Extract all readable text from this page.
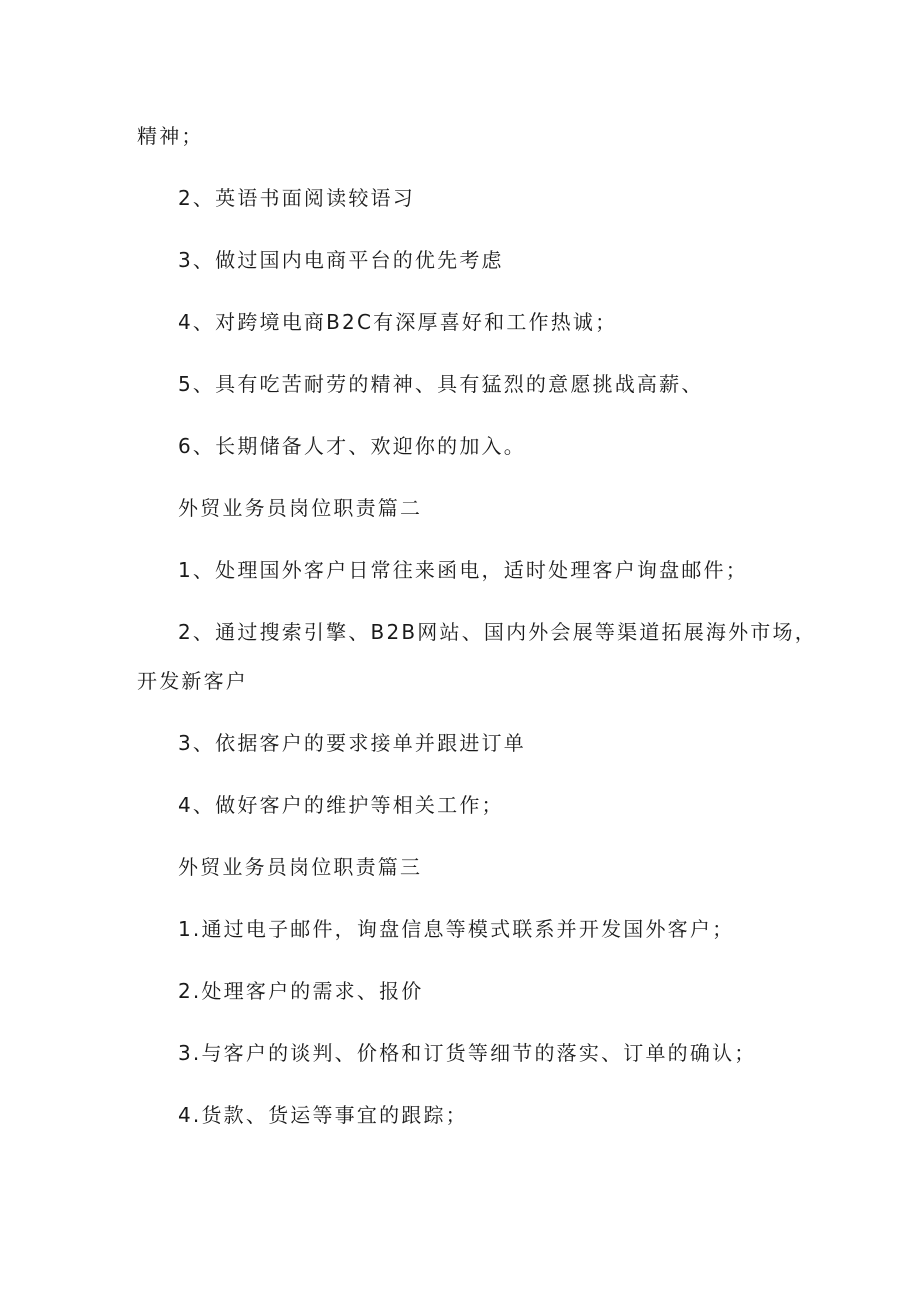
精神；
2、英语书面阅读较语习
3、做过国内电商平台的优先考虑
4、对跨境电商B2C有深厚喜好和工作热诚；
5、具有吃苦耐劳的精神、具有猛烈的意愿挑战高薪、
6、长期储备人才、欢迎你的加入。
外贸业务员岗位职责篇二
1、处理国外客户日常往来函电，适时处理客户询盘邮件；
2、通过搜索引擎、B2B网站、国内外会展等渠道拓展海外市场，
开发新客户
3、依据客户的要求接单并跟进订单
4、做好客户的维护等相关工作；
外贸业务员岗位职责篇三
1.通过电子邮件，询盘信息等模式联系并开发国外客户；
2.处理客户的需求、报价
3.与客户的谈判、价格和订货等细节的落实、订单的确认；
4.货款、货运等事宜的跟踪；
